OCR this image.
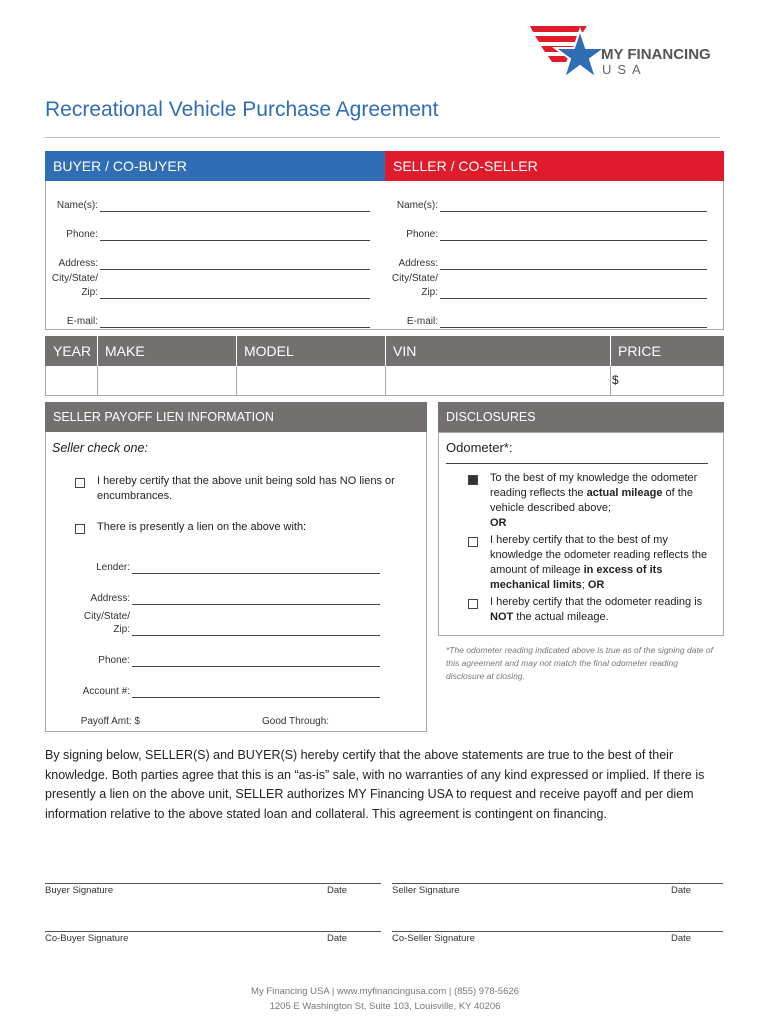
MY FINANCING
USA
Recreational Vehicle Purchase Agreement
BUYER / CO-BUYER	SELLER / CO-SELLER
Name(s):
Phone:
Address:
City/State/
Zip:
E-mail:
Name(s):
Phone:
Address:
City/State/
Zip:
E-mail:
YEAR MAKE	MODEL	VIN	PRICE
$
SELLER PAYOFF LIEN INFORMATION
Seller check one:
I hereby certify that the above unit being sold has NO liens or encumbrances.
There is presently a lien on the above with:
Lender:
Address:
City/State/
Zip:
Phone:
Account #:
Payoff Amt: $	Good Through:
DISCLOSURES
Odometer*:
To the best of my knowledge the odometer reading reflects the actual mileage of the vehicle described above;
OR
I hereby certify that to the best of my knowledge the odometer reading reflects the amount of mileage in excess of its mechanical limits; OR
I hereby certify that the odometer reading is NOT the actual mileage.
*The odometer reading indicated above is true as of the signing date of this agreement and may not match the final odometer reading disclosure at closing.
By signing below, SELLER(S) and BUYER(S) hereby certify that the above statements are true to the best of their knowledge. Both parties agree that this is an “as-is” sale, with no warranties of any kind expressed or implied. If there is presently a lien on the above unit, SELLER authorizes MY Financing USA to request and receive payoff and per diem information relative to the above stated loan and collateral. This agreement is contingent on financing.
Buyer Signature	Date	Seller Signature	Date
Co-Buyer Signature	Date	Co-Seller Signature	Date
My Financing USA | www.myfinancingusa.com | (855) 978-5626
1205 E Washington St, Suite 103, Louisville, KY 40206
